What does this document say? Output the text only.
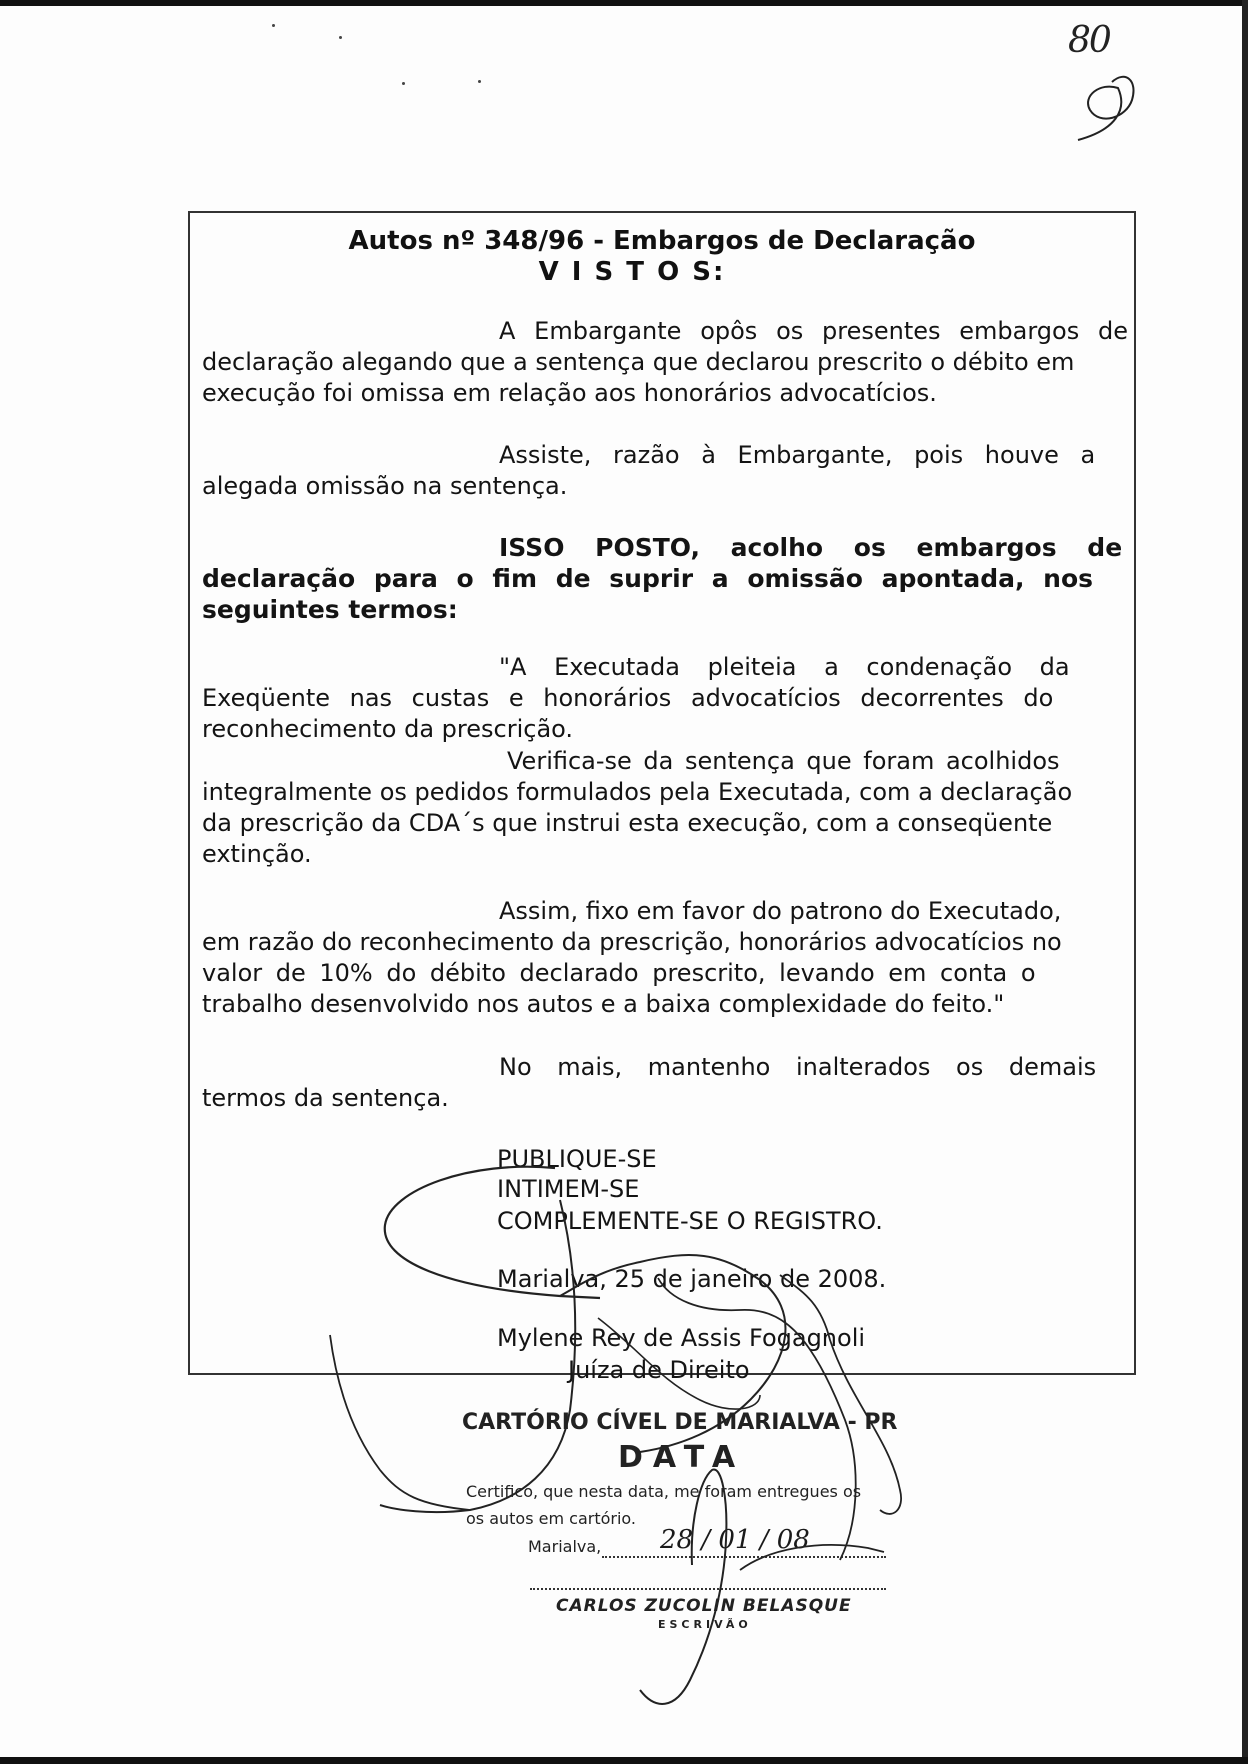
80
Autos nº 348/96 - Embargos de Declaração
V I S T O S:
A Embargante opôs os presentes embargos de
declaração alegando que a sentença que declarou prescrito o débito em
execução foi omissa em relação aos honorários advocatícios.
Assiste, razão à Embargante, pois houve a
alegada omissão na sentença.
ISSO POSTO, acolho os embargos de
declaração para o fim de suprir a omissão apontada, nos
seguintes termos:
"A Executada pleiteia a condenação da
Exeqüente nas custas e honorários advocatícios decorrentes do
reconhecimento da prescrição.
Verifica-se da sentença que foram acolhidos
integralmente os pedidos formulados pela Executada, com a declaração
da prescrição da CDA´s que instrui esta execução, com a conseqüente
extinção.
Assim, fixo em favor do patrono do Executado,
em razão do reconhecimento da prescrição, honorários advocatícios no
valor de 10% do débito declarado prescrito, levando em conta o
trabalho desenvolvido nos autos e a baixa complexidade do feito."
No mais, mantenho inalterados os demais
termos da sentença.
PUBLIQUE-SE
INTIMEM-SE
COMPLEMENTE-SE O REGISTRO.
Marialva, 25 de janeiro de 2008.
Mylene Rey de Assis Fogagnoli
Juíza de Direito
CARTÓRIO CÍVEL DE MARIALVA - PR
DATA
Certifico, que nesta data, me foram entregues os
os autos em cartório.
Marialva, 28 / 01 / 08
CARLOS ZUCOLIN BELASQUE
ESCRIVÃO
